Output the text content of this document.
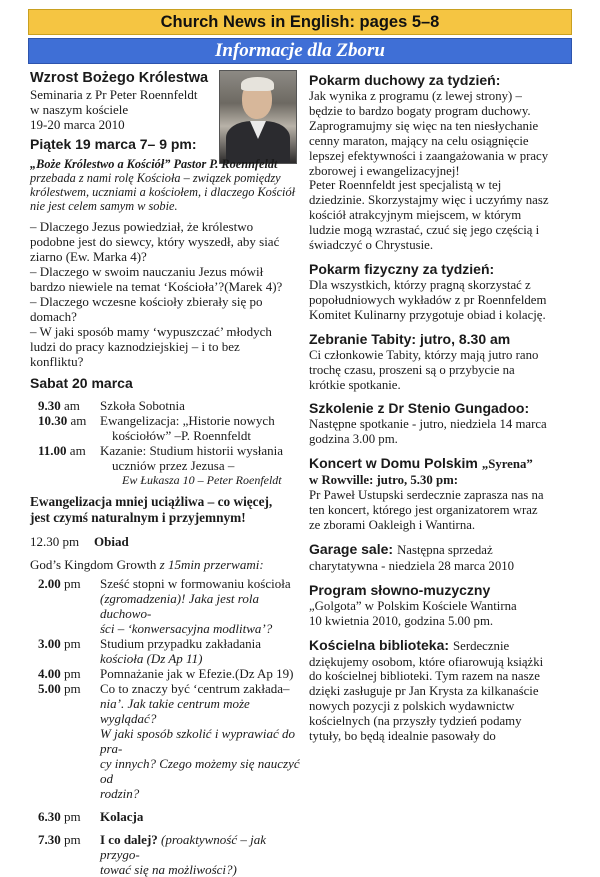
Church News in English: pages 5–8
Informacje dla Zboru
Wzrost Bożego Królestwa
Seminaria z Pr Peter Roennfeldt
w naszym kościele
19-20 marca 2010
Piątek 19 marca 7– 9 pm:
„Boże Królestwo a Kościół” Pastor P. Roennfeldt
przebada z nami rolę Kościoła – związek pomiędzy
królestwem, uczniami a kościołem, i dlaczego Kościół
nie jest celem samym w sobie.
– Dlaczego Jezus powiedział, że królestwo
podobne jest do siewcy, który wyszedł, aby siać
ziarno (Ew. Marka 4)?
– Dlaczego w swoim nauczaniu Jezus mówił
bardzo niewiele na temat ‘Kościoła’?(Marek 4)?
– Dlaczego wczesne kościoły zbierały się po
domach?
– W jaki sposób mamy ‘wypuszczać’ młodych
ludzi do pracy kaznodziejskiej – i to bez
konfliktu?
Sabat 20 marca
9.30 am	Szkoła Sobotnia
10.30 am	Ewangelizacja: „Historie nowych
kościołów” –P. Roennfeldt
11.00 am	Kazanie: Studium historii wysłania
uczniów przez Jezusa –
Ew Łukasza 10 – Peter Roenfeldt
Ewangelizacja mniej uciążliwa – co więcej,
jest czymś naturalnym i przyjemnym!
12.30 pm	Obiad
God’s Kingdom Growth z 15min przerwami:
2.00 pm	Sześć stopni w formowaniu kościoła
(zgromadzenia)! Jaka jest rola duchowo-
ści – ‘konwersacyjna modlitwa’?
3.00 pm	Studium przypadku zakładania
kościoła (Dz Ap 11)
4.00 pm	Pomnażanie jak w Efezie.(Dz Ap 19)
5.00 pm	Co to znaczy być ‘centrum zakłada–
nia’. Jak takie centrum może wyglądać?
W jaki sposób szkolić i wyprawiać do pra-
cy innych? Czego możemy się nauczyć od
rodzin?
6.30 pm	Kolacja
7.30 pm	I co dalej? (proaktywność – jak przygo-
tować się na możliwości?)
Pokarm duchowy za tydzień:
Jak wynika z programu (z lewej strony) –
będzie to bardzo bogaty program duchowy.
Zaprogramujmy się więc na ten niesłychanie
cenny maraton, mający na celu osiągnięcie
lepszej efektywności i zaangażowania w pracy
zborowej i ewangelizacyjnej!
Peter Roennfeldt jest specjalistą w tej
dziedzinie. Skorzystajmy więc i uczyńmy nasz
kościół atrakcyjnym miejscem, w którym
ludzie mogą wzrastać, czuć się jego częścią i
świadczyć o Chrystusie.
Pokarm fizyczny za tydzień:
Dla wszystkich, którzy pragną skorzystać z
popołudniowych wykładów z pr Roennfeldem
Komitet Kulinarny przygotuje obiad i kolację.
Zebranie Tabity: jutro, 8.30 am
Ci członkowie Tabity, którzy mają jutro rano
trochę czasu, proszeni są o przybycie na
krótkie spotkanie.
Szkolenie z Dr Stenio Gungadoo:
Następne spotkanie - jutro, niedziela 14 marca
godzina 3.00 pm.
Koncert w Domu Polskim „Syrena”
w Rowville: jutro, 5.30 pm:
Pr Paweł Ustupski serdecznie zaprasza nas na
ten koncert, którego jest organizatorem wraz
ze zborami Oakleigh i Wantirna.
Garage sale: Następna sprzedaż
charytatywna - niedziela 28 marca 2010
Program słowno-muzyczny
„Golgota” w Polskim Kościele Wantirna
10 kwietnia 2010, godzina 5.00 pm.
Kościelna biblioteka: Serdecznie
dziękujemy osobom, które ofiarowują książki
do kościelnej biblioteki. Tym razem na nasze
dzięki zasługuje pr Jan Krysta za kilkanaście
nowych pozycji z polskich wydawnictw
kościelnych (na przyszły tydzień podamy
tytuły, bo będą idealnie pasowały do
